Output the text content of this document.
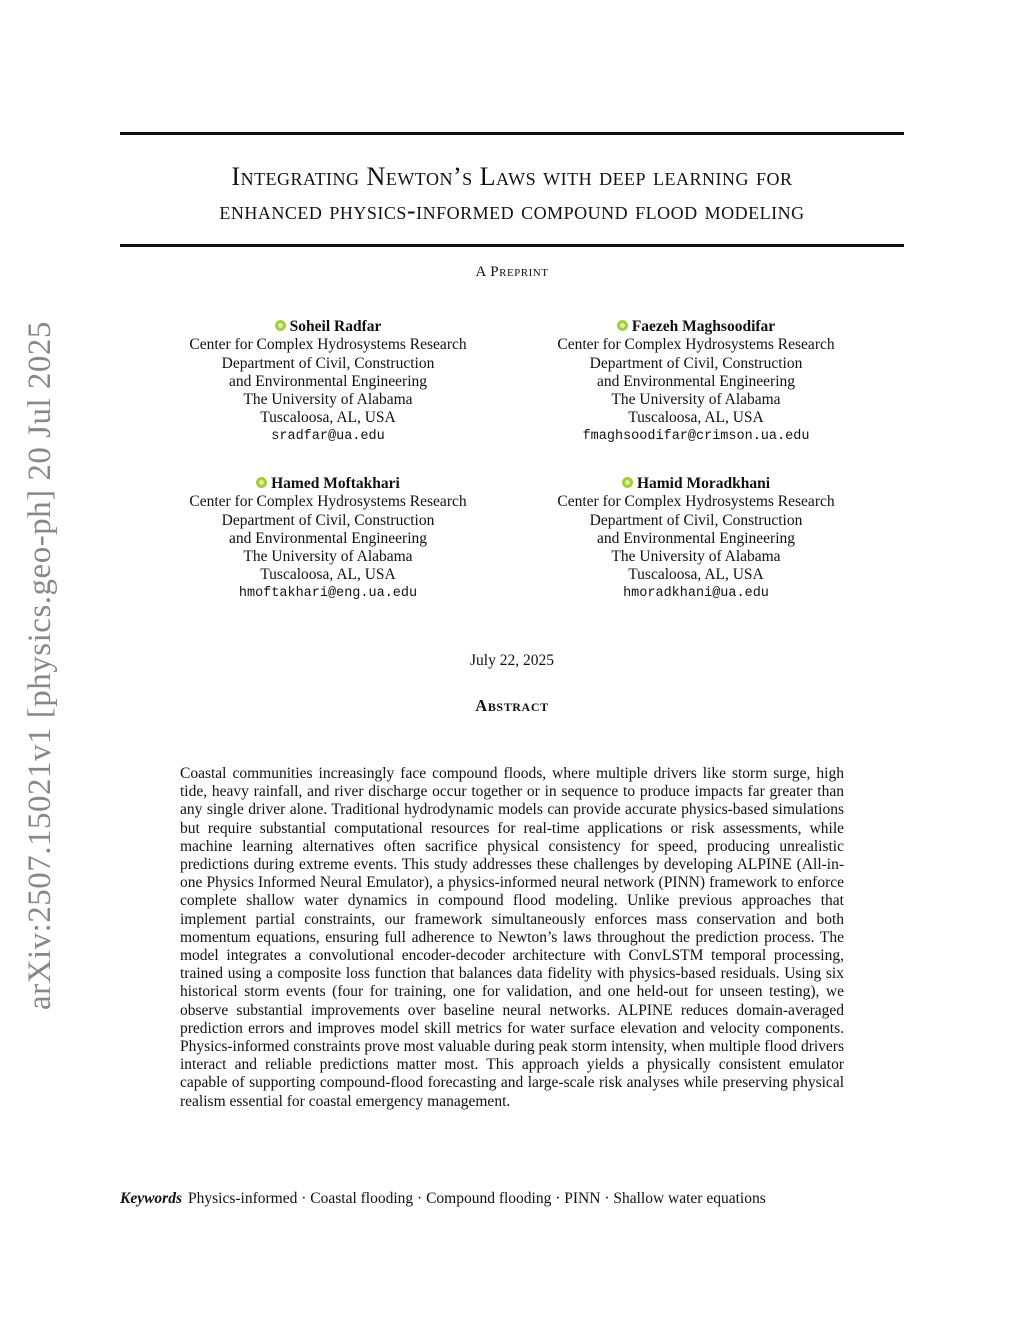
arXiv:2507.15021v1 [physics.geo-ph] 20 Jul 2025
Integrating Newton’s Laws with deep learning for
enhanced physics-informed compound flood modeling
A Preprint
Soheil Radfar
Center for Complex Hydrosystems Research
Department of Civil, Construction
and Environmental Engineering
The University of Alabama
Tuscaloosa, AL, USA
sradfar@ua.edu
Faezeh Maghsoodifar
Center for Complex Hydrosystems Research
Department of Civil, Construction
and Environmental Engineering
The University of Alabama
Tuscaloosa, AL, USA
fmaghsoodifar@crimson.ua.edu
Hamed Moftakhari
Center for Complex Hydrosystems Research
Department of Civil, Construction
and Environmental Engineering
The University of Alabama
Tuscaloosa, AL, USA
hmoftakhari@eng.ua.edu
Hamid Moradkhani
Center for Complex Hydrosystems Research
Department of Civil, Construction
and Environmental Engineering
The University of Alabama
Tuscaloosa, AL, USA
hmoradkhani@ua.edu
July 22, 2025
Abstract
Coastal communities increasingly face compound floods, where multiple drivers like storm surge, high tide, heavy rainfall, and river discharge occur together or in sequence to produce impacts far greater than any single driver alone. Traditional hydrodynamic models can provide accurate physics-based simulations but require substantial computational resources for real-time applications or risk assessments, while machine learning alternatives often sacrifice physical consistency for speed, producing unrealistic predictions during extreme events. This study addresses these challenges by developing ALPINE (All-in-one Physics Informed Neural Emulator), a physics-informed neural network (PINN) framework to enforce complete shallow water dynamics in compound flood modeling. Unlike previous approaches that implement partial constraints, our framework simultaneously enforces mass conservation and both momentum equations, ensuring full adherence to Newton’s laws throughout the prediction process. The model integrates a convolutional encoder-decoder architecture with ConvLSTM temporal processing, trained using a composite loss function that balances data fidelity with physics-based residuals. Using six historical storm events (four for training, one for validation, and one held-out for unseen testing), we observe substantial improvements over baseline neural networks. ALPINE reduces domain-averaged prediction errors and improves model skill metrics for water surface elevation and velocity components. Physics-informed constraints prove most valuable during peak storm intensity, when multiple flood drivers interact and reliable predictions matter most. This approach yields a physically consistent emulator capable of supporting compound-flood forecasting and large-scale risk analyses while preserving physical realism essential for coastal emergency management.
Keywords Physics-informed · Coastal flooding · Compound flooding · PINN · Shallow water equations
